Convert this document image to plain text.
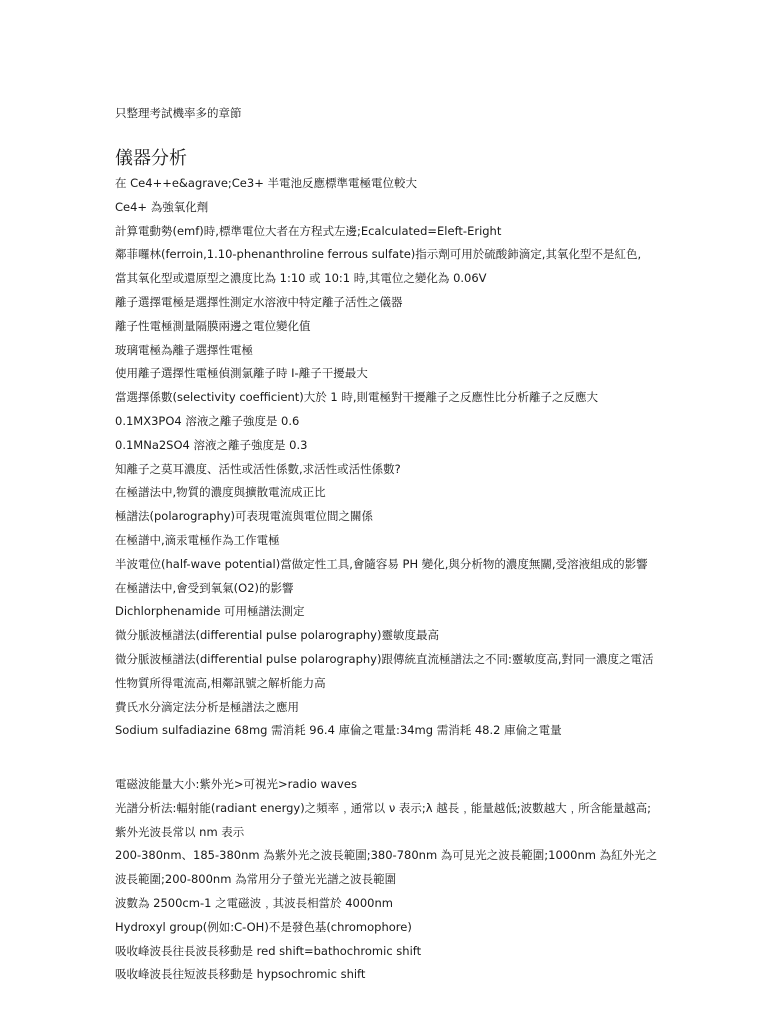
只整理考試機率多的章節
儀器分析
在 Ce4++e&agrave;Ce3+ 半電池反應標準電極電位較大
Ce4+ 為強氧化劑
計算電動勢(emf)時,標準電位大者在方程式左邊;Ecalculated=Eleft-Eright
鄰菲囉林(ferroin,1.10-phenanthroline ferrous sulfate)指示劑可用於硫酸鈰滴定,其氧化型不是紅色,
當其氧化型或還原型之濃度比為 1:10 或 10:1 時,其電位之變化為 0.06V
離子選擇電極是選擇性測定水溶液中特定離子活性之儀器
離子性電極測量隔膜兩邊之電位變化值
玻璃電極為離子選擇性電極
使用離子選擇性電極偵測氯離子時 I-離子干擾最大
當選擇係數(selectivity coefficient)大於 1 時,則電極對干擾離子之反應性比分析離子之反應大
0.1MX3PO4 溶液之離子強度是 0.6
0.1MNa2SO4 溶液之離子強度是 0.3
知離子之莫耳濃度、活性或活性係數,求活性或活性係數?
在極譜法中,物質的濃度與擴散電流成正比
極譜法(polarography)可表現電流與電位間之關係
在極譜中,滴汞電極作為工作電極
半波電位(half-wave potential)當做定性工具,會隨容易 PH 變化,與分析物的濃度無關,受溶液組成的影響
在極譜法中,會受到氧氣(O2)的影響
Dichlorphenamide 可用極譜法測定
微分脈波極譜法(differential pulse polarography)靈敏度最高
微分脈波極譜法(differential pulse polarography)跟傳統直流極譜法之不同:靈敏度高,對同一濃度之電活性物質所得電流高,相鄰訊號之解析能力高
費氏水分滴定法分析是極譜法之應用
Sodium sulfadiazine 68mg 需消耗 96.4 庫倫之電量:34mg 需消耗 48.2 庫倫之電量
電磁波能量大小:紫外光>可視光>radio waves
光譜分析法:輻射能(radiant energy)之頻率﹐通常以 ν 表示;λ 越長﹐能量越低;波數越大﹐所含能量越高;紫外光波長常以 nm 表示
200-380nm、185-380nm 為紫外光之波長範圍;380-780nm 為可見光之波長範圍;1000nm 為紅外光之波長範圍;200-800nm 為常用分子螢光光譜之波長範圍
波數為 2500cm-1 之電磁波﹐其波長相當於 4000nm
Hydroxyl group(例如:C-OH)不是發色基(chromophore)
吸收峰波長往長波長移動是 red shift=bathochromic shift
吸收峰波長往短波長移動是 hypsochromic shift
